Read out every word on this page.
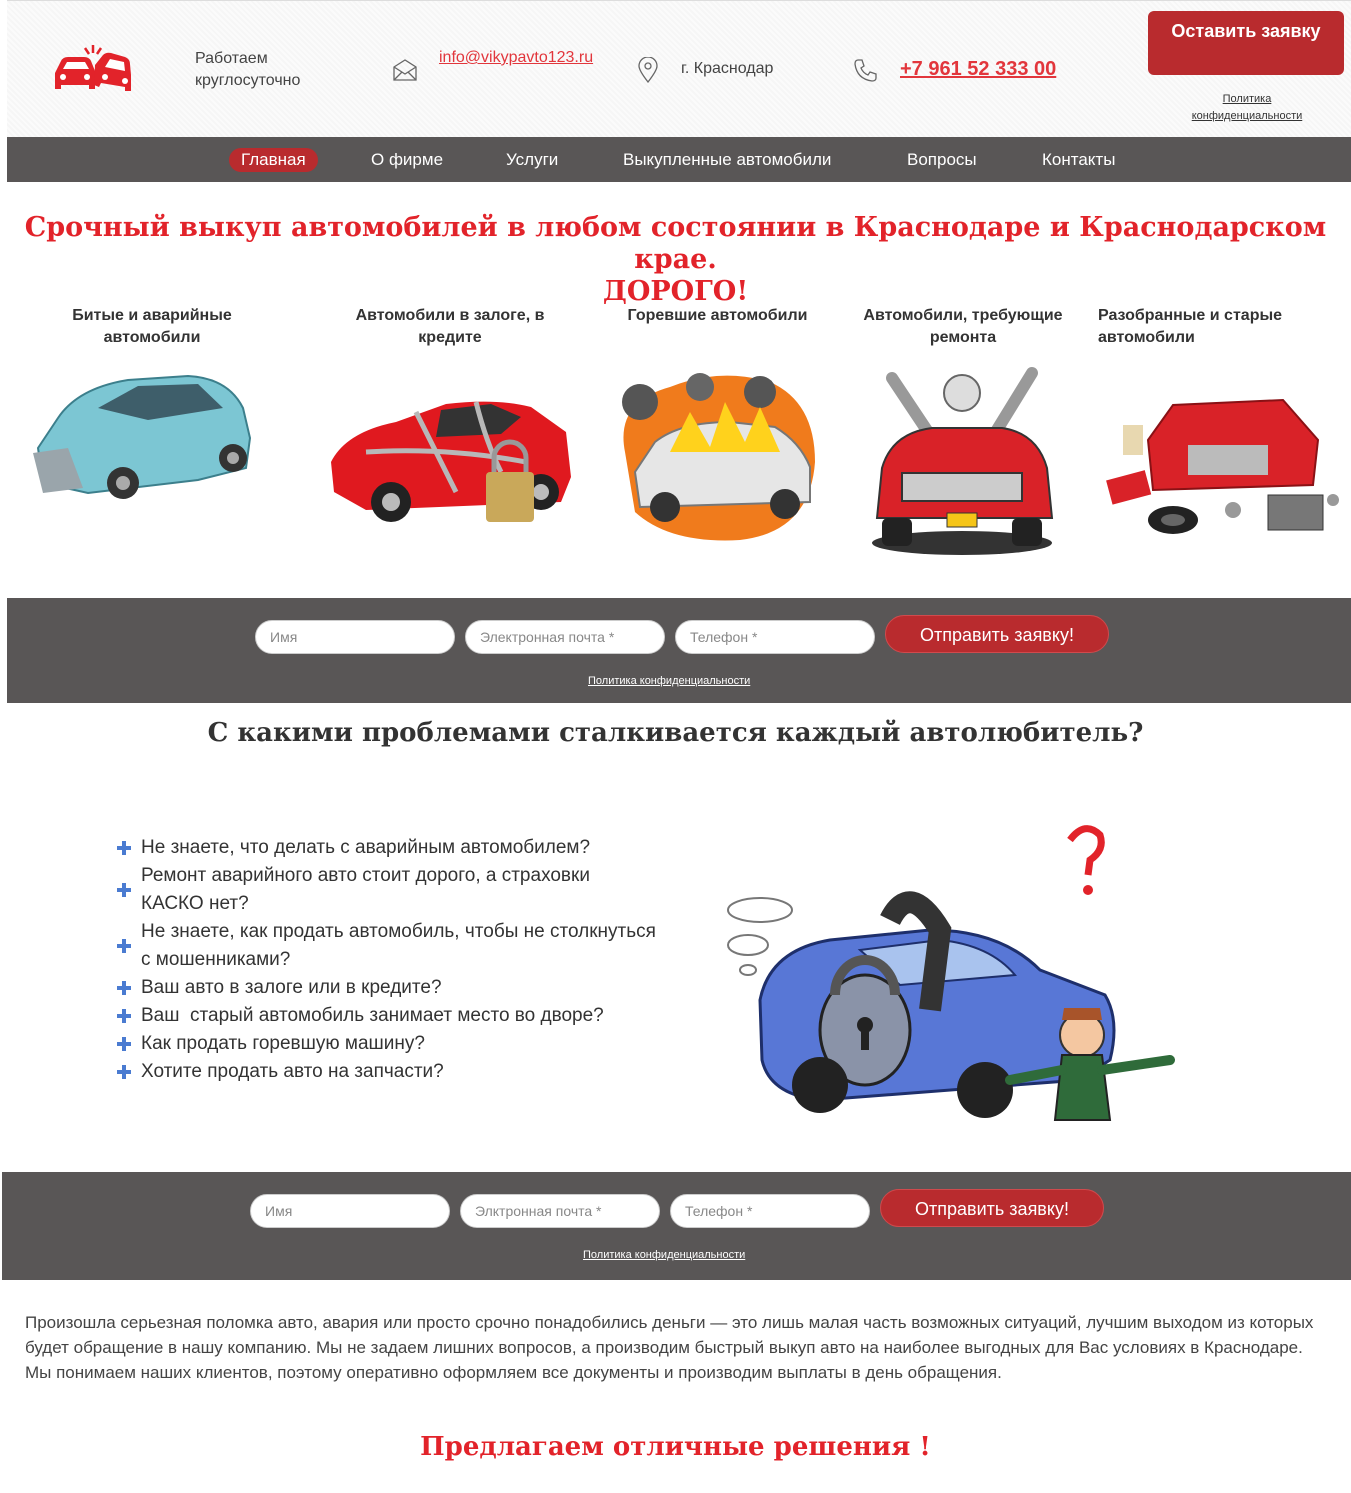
Работаем круглосуточно
info@vikypavto123.ru
г. Краснодар	+7 961 52 333 00
Оставить заявку
Политика конфиденциальности
Главная	О фирме	Услуги	Выкупленные автомобили	Вопросы	Контакты
Срочный выкуп автомобилей в любом состоянии в Краснодаре и Краснодарском крае.
ДОРОГО!
Битые и аварийные автомобили
Автомобили в залоге, в кредите
Горевшие автомобили	Автомобили, требующие ремонта
Разобранные и старые автомобили
Имя	Электронная почта *	Телефон *	Отправить заявку!
Политика конфиденциальности
С какими проблемами сталкивается каждый автолюбитель?
Не знаете, что делать с аварийным автомобилем?
Ремонт аварийного авто стоит дорого, а страховки КАСКО нет?
Не знаете, как продать автомобиль, чтобы не столкнуться с мошенниками?
Ваш авто в залоге или в кредите?
Ваш  старый автомобиль занимает место во дворе?
Как продать горевшую машину?
Хотите продать авто на запчасти?
Имя	Элктронная почта *	Телефон *	Отправить заявку!
Политика конфиденциальности
Произошла серьезная поломка авто, авария или просто срочно понадобились деньги — это лишь малая часть возможных ситуаций, лучшим выходом из которых будет обращение в нашу компанию. Мы не задаем лишних вопросов, а производим быстрый выкуп авто на наиболее выгодных для Вас условиях в Краснодаре. Мы понимаем наших клиентов, поэтому оперативно оформляем все документы и производим выплаты в день обращения.
Предлагаем отличные решения !
